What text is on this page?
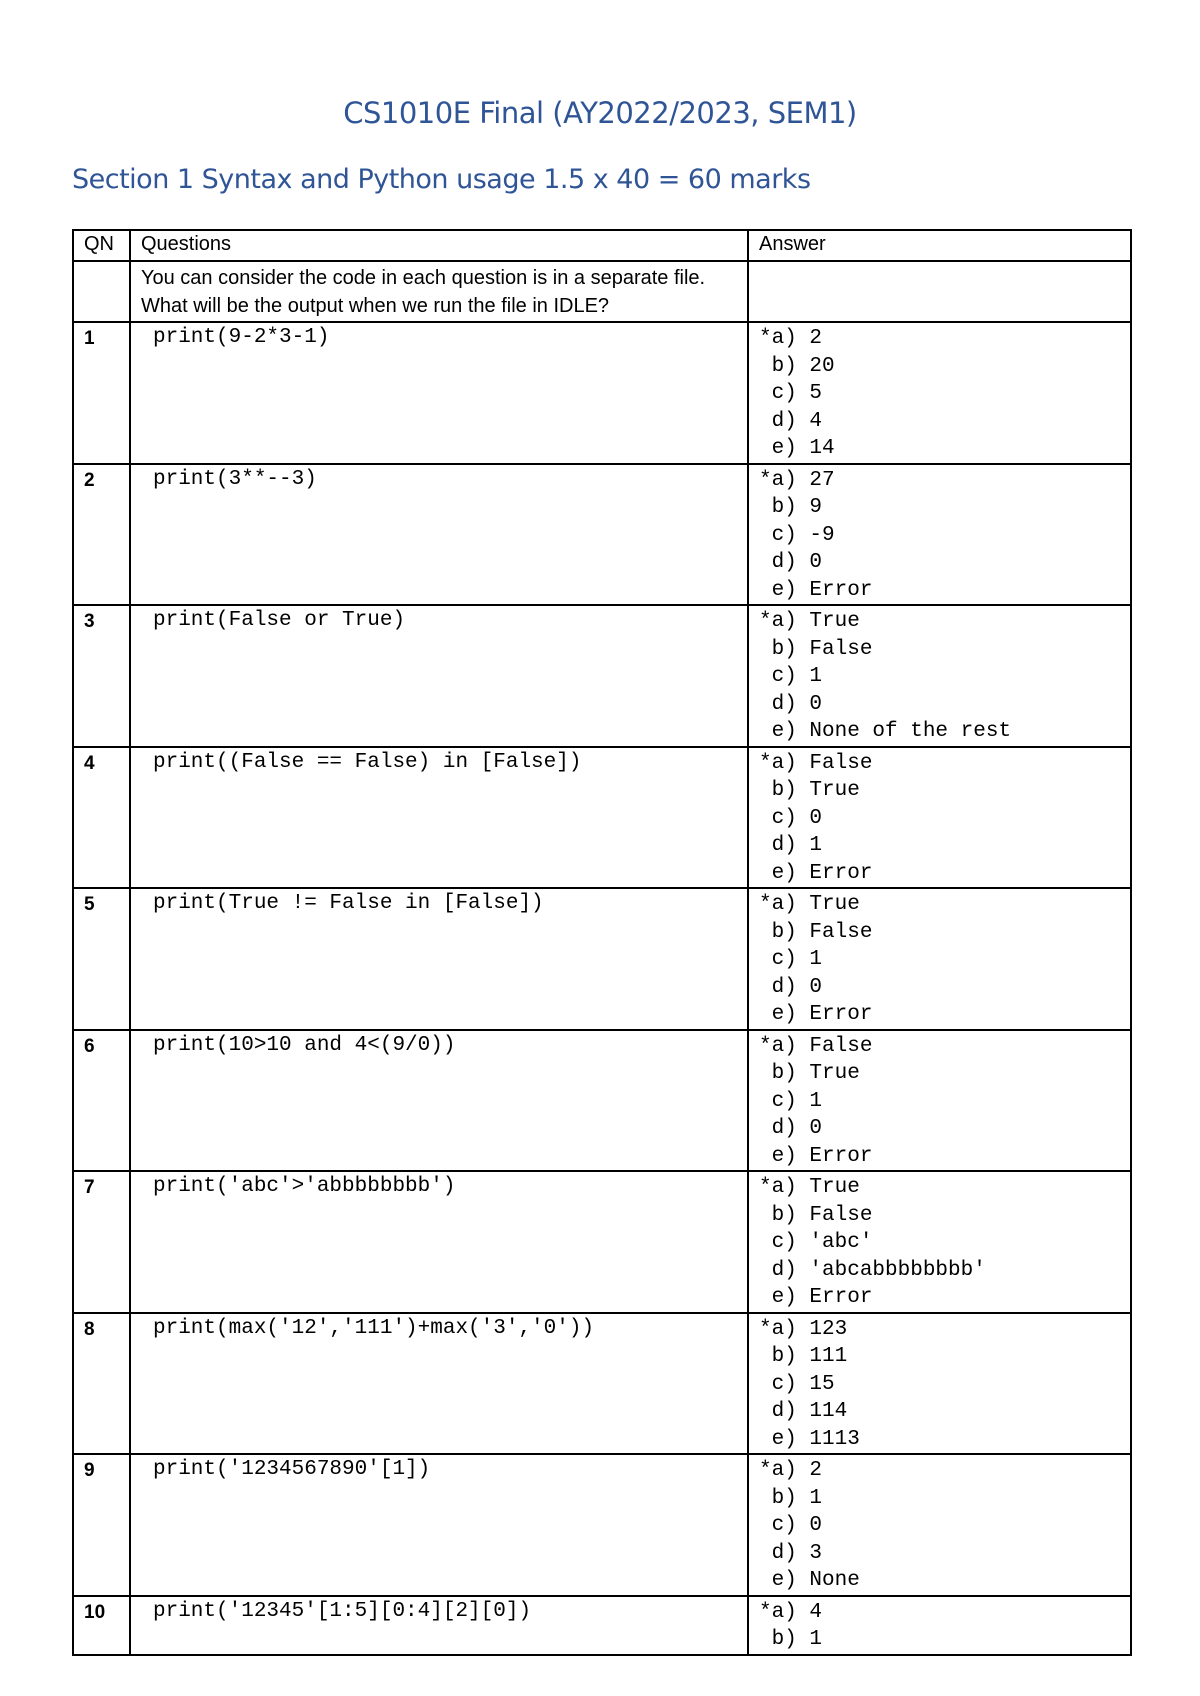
CS1010E Final (AY2022/2023, SEM1)
Section 1 Syntax and Python usage 1.5 x 40 = 60 marks
QN	Questions	Answer

	You can consider the code in each question is in a separate file. What will be the output when we run the file in IDLE?	

1	print(9-2*3-1)	*a) 2
b) 20
c) 5
d) 4
e) 14

2	print(3**--3)	*a) 27
b) 9
c) -9
d) 0
e) Error

3	print(False or True)	*a) True
b) False
c) 1
d) 0
e) None of the rest

4	print((False == False) in [False])	*a) False
b) True
c) 0
d) 1
e) Error

5	print(True != False in [False])	*a) True
b) False
c) 1
d) 0
e) Error

6	print(10>10 and 4<(9/0))	*a) False
b) True
c) 1
d) 0
e) Error

7	print('abc'>'abbbbbbbb')	*a) True
b) False
c) 'abc'
d) 'abcabbbbbbbb'
e) Error

8	print(max('12','111')+max('3','0'))	*a) 123
b) 111
c) 15
d) 114
e) 1113

9	print('1234567890'[1])	*a) 2
b) 1
c) 0
d) 3
e) None

10	print('12345'[1:5][0:4][2][0])	*a) 4
b) 1
